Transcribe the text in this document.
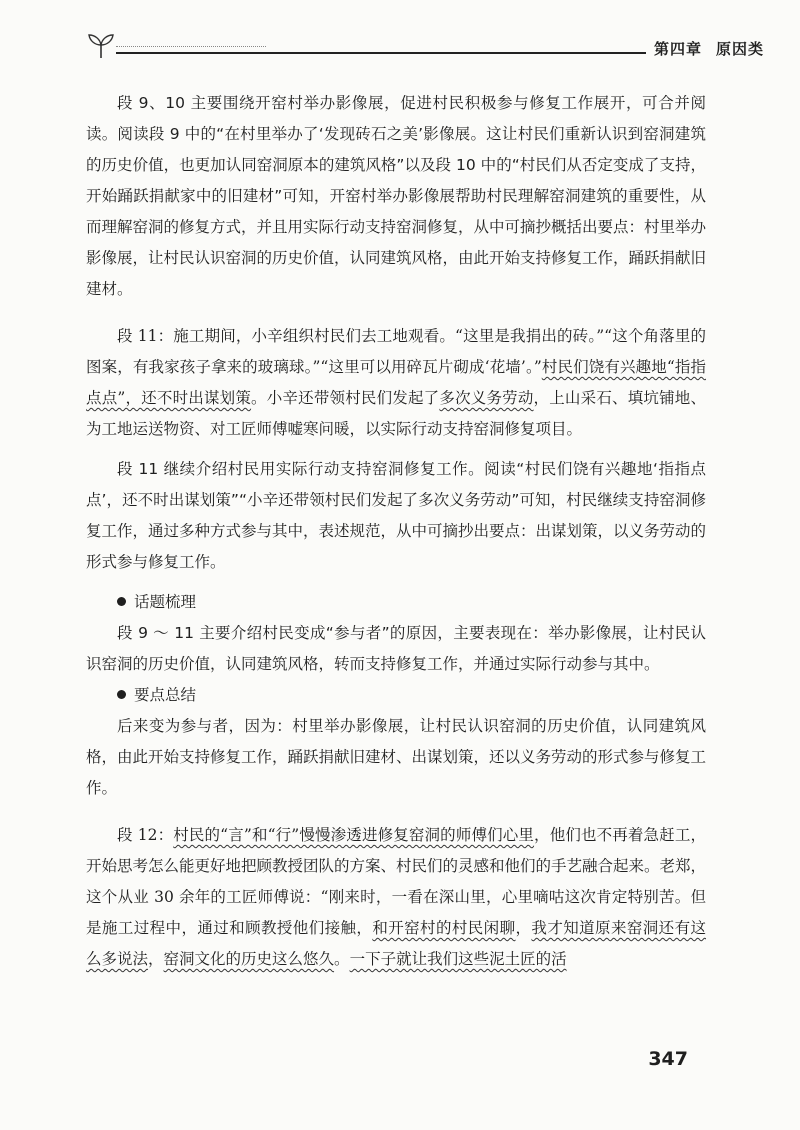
第四章 原因类

段 9、10 主要围绕开窑村举办影像展，促进村民积极参与修复工作展开，可合并阅读。阅读段 9 中的“在村里举办了‘发现砖石之美’影像展。这让村民们重新认识到窑洞建筑的历史价值，也更加认同窑洞原本的建筑风格”以及段 10 中的“村民们从否定变成了支持，开始踊跃捐献家中的旧建材”可知，开窑村举办影像展帮助村民理解窑洞建筑的重要性，从而理解窑洞的修复方式，并且用实际行动支持窑洞修复，从中可摘抄概括出要点：村里举办影像展，让村民认识窑洞的历史价值，认同建筑风格，由此开始支持修复工作，踊跃捐献旧建材。

段 11：施工期间，小辛组织村民们去工地观看。“这里是我捐出的砖。”“这个角落里的图案，有我家孩子拿来的玻璃球。”“这里可以用碎瓦片砌成‘花墙’。”村民们饶有兴趣地“指指点点”，还不时出谋划策。小辛还带领村民们发起了多次义务劳动，上山采石、填坑铺地、为工地运送物资、对工匠师傅嘘寒问暖，以实际行动支持窑洞修复项目。

段 11 继续介绍村民用实际行动支持窑洞修复工作。阅读“村民们饶有兴趣地‘指指点点’，还不时出谋划策”“小辛还带领村民们发起了多次义务劳动”可知，村民继续支持窑洞修复工作，通过多种方式参与其中，表述规范，从中可摘抄出要点：出谋划策，以义务劳动的形式参与修复工作。

话题梳理

段 9 ～ 11 主要介绍村民变成“参与者”的原因，主要表现在：举办影像展，让村民认识窑洞的历史价值，认同建筑风格，转而支持修复工作，并通过实际行动参与其中。

要点总结

后来变为参与者，因为：村里举办影像展，让村民认识窑洞的历史价值，认同建筑风格，由此开始支持修复工作，踊跃捐献旧建材、出谋划策，还以义务劳动的形式参与修复工作。

段 12：村民的“言”和“行”慢慢渗透进修复窑洞的师傅们心里，他们也不再着急赶工，开始思考怎么能更好地把顾教授团队的方案、村民们的灵感和他们的手艺融合起来。老郑，这个从业 30 余年的工匠师傅说：“刚来时，一看在深山里，心里嘀咕这次肯定特别苦。但是施工过程中，通过和顾教授他们接触，和开窑村的村民闲聊，我才知道原来窑洞还有这么多说法，窑洞文化的历史这么悠久。一下子就让我们这些泥土匠的活

347
